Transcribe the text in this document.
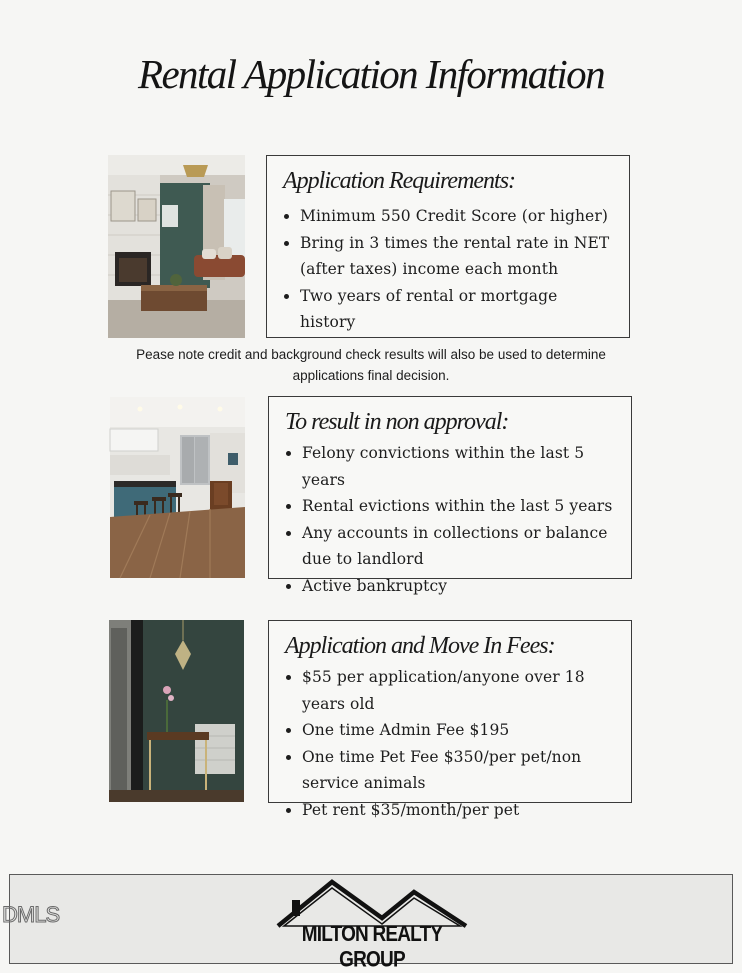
Rental Application Information
Application Requirements:
Minimum 550 Credit Score (or higher)
Bring in 3 times the rental rate in NET (after taxes) income each month
Two years of rental or mortgage history
Pease note credit and background check results will also be used to determine applications final decision.
To result in non approval:
Felony convictions within the last 5 years
Rental evictions within the last 5 years
Any accounts in collections or balance due to landlord
Active bankruptcy
Application and Move In Fees:
$55 per application/anyone over 18 years old
One time Admin Fee $195
One time Pet Fee $350/per pet/non service animals
Pet rent $35/month/per pet
DMLS
MILTON REALTY GROUP
